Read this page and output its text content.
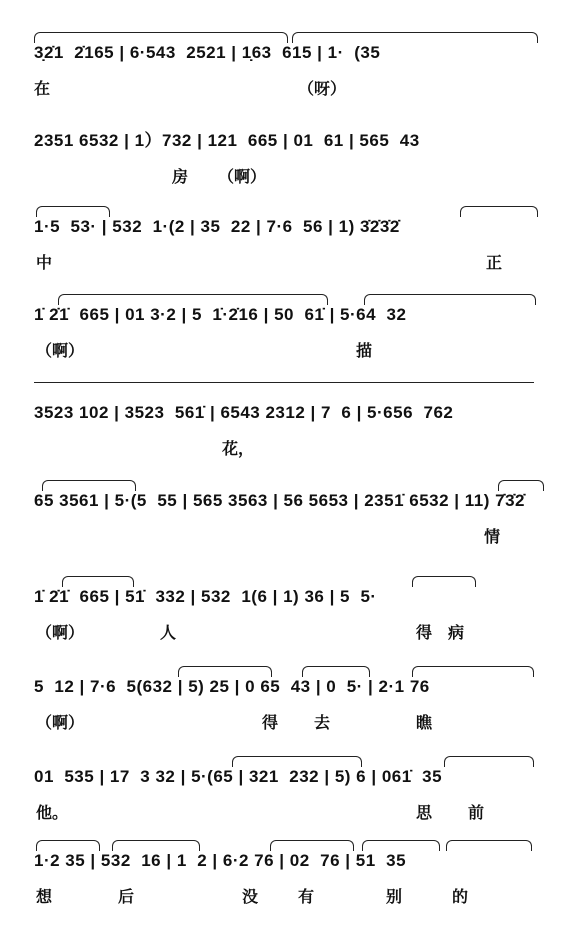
3̣2̇1  2̇165 | 6·543  2521 | 1̣63  615 | 1·  (35
在	（呀）
2351 6532 | 1）732 | 121  665 | 01  61 | 565  43
房 （啊）
1·5  53· | 532  1·(2 | 35  22 | 7·6  56 | 1) 3̇2̇3̇2̇
中	正
1̇ 2̇1̇  665 | 01 3·2 | 5  1̇·2̇16 | 50  61̇ | 5·64  32
（啊）	描
3523 102 | 3523  561̇ | 6543 2312 | 7  6 | 5·656  762
花，
65 3561 | 5·(5  55 | 565 3563 | 56 5653 | 2351̇ 6532 | 11) 7̇3̇2̇
情
1̇ 2̇1̇  665 | 51̇  332 | 532  1(6 | 1) 36 | 5  5·
（啊）	人	得 病
5  12 | 7·6  5(632 | 5) 25 | 0 65  43 | 0  5· | 2·1 76
（啊）	得 去	瞧
01  535 | 17  3 32 | 5·(65 | 321  232 | 5) 6 | 061̇  35
他。	思 前
1·2 35 | 532  16 | 1  2 | 6·2 76 | 02  76 | 51  35
想	后	没 有	别	的
